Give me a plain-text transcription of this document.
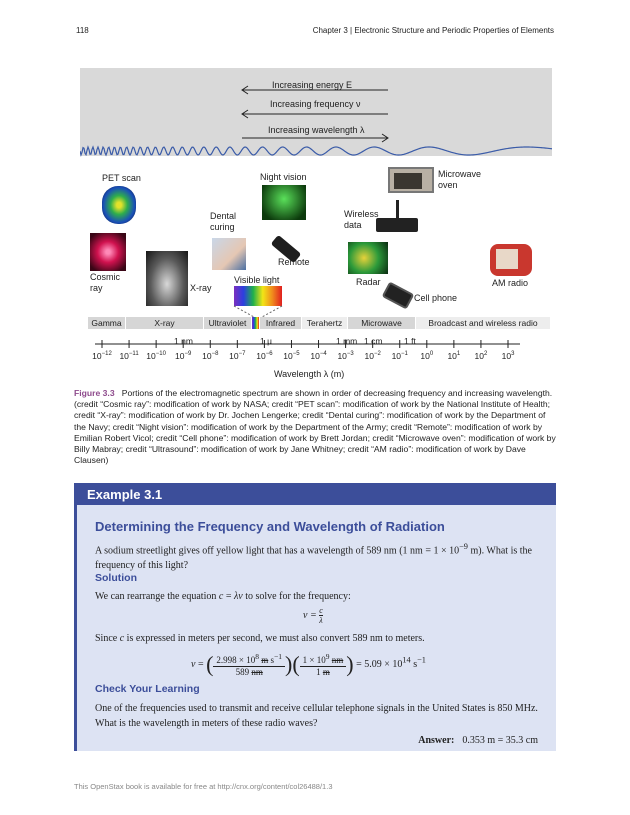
118	Chapter 3 | Electronic Structure and Periodic Properties of Elements
Increasing energy E
Increasing frequency ν
Increasing wavelength λ
PET scan	Night vision	Microwave oven
Dental curing
Wireless data
Remote
Cosmic ray	X-ray
Visible light	Radar
Cell phone
AM radio
Gamma	X-ray	Ultraviolet	Infrared	Terahertz	Microwave	Broadcast and wireless radio
1 nm	1 µ	1 mm 1 cm	1 ft
$10^{-12}$ $10^{-11}$ $10^{-10}$	$10^{-9}$	$10^{-8}$	$10^{-7}$	$10^{-6}$	$10^{-5}$	$10^{-4}$	$10^{-3}$	$10^{-2}$	$10^{-1}$	$10^0$	$10^1$	$10^2$	$10^3$
Wavelength λ (m)
Figure 3.3 Portions of the electromagnetic spectrum are shown in order of decreasing frequency and increasing wavelength. (credit “Cosmic ray”: modification of work by NASA; credit “PET scan”: modification of work by the National Institute of Health; credit “X-ray”: modification of work by Dr. Jochen Lengerke; credit “Dental curing”: modification of work by the Department of the Navy; credit “Night vision”: modification of work by the Department of the Army; credit “Remote”: modification of work by Emilian Robert Vicol; credit “Cell phone”: modification of work by Brett Jordan; credit “Microwave oven”: modification of work by Billy Mabray; credit “Ultrasound”: modification of work by Jane Whitney; credit “AM radio”: modification of work by Dave Clausen)
Example 3.1
Determining the Frequency and Wavelength of Radiation
A sodium streetlight gives off yellow light that has a wavelength of 589 nm (1 nm = $1 \times 10^{-9}$ m). What is the frequency of this light?
Solution
We can rearrange the equation c = λν to solve for the frequency:
$\nu = \frac{c}{\lambda}$
Since c is expressed in meters per second, we must also convert 589 nm to meters.
ν = ( $\frac{2.998 \times 10^8 m s^{-1}}{589 nm}$ )( $\frac{1 \times 10^9 nm}{1 m}$ ) = $5.09 \times 10^{14}$ $s^{-1}$
Check Your Learning
One of the frequencies used to transmit and receive cellular telephone signals in the United States is 850 MHz. What is the wavelength in meters of these radio waves?
Answer: 0.353 m = 35.3 cm
This OpenStax book is available for free at http://cnx.org/content/col26488/1.3
